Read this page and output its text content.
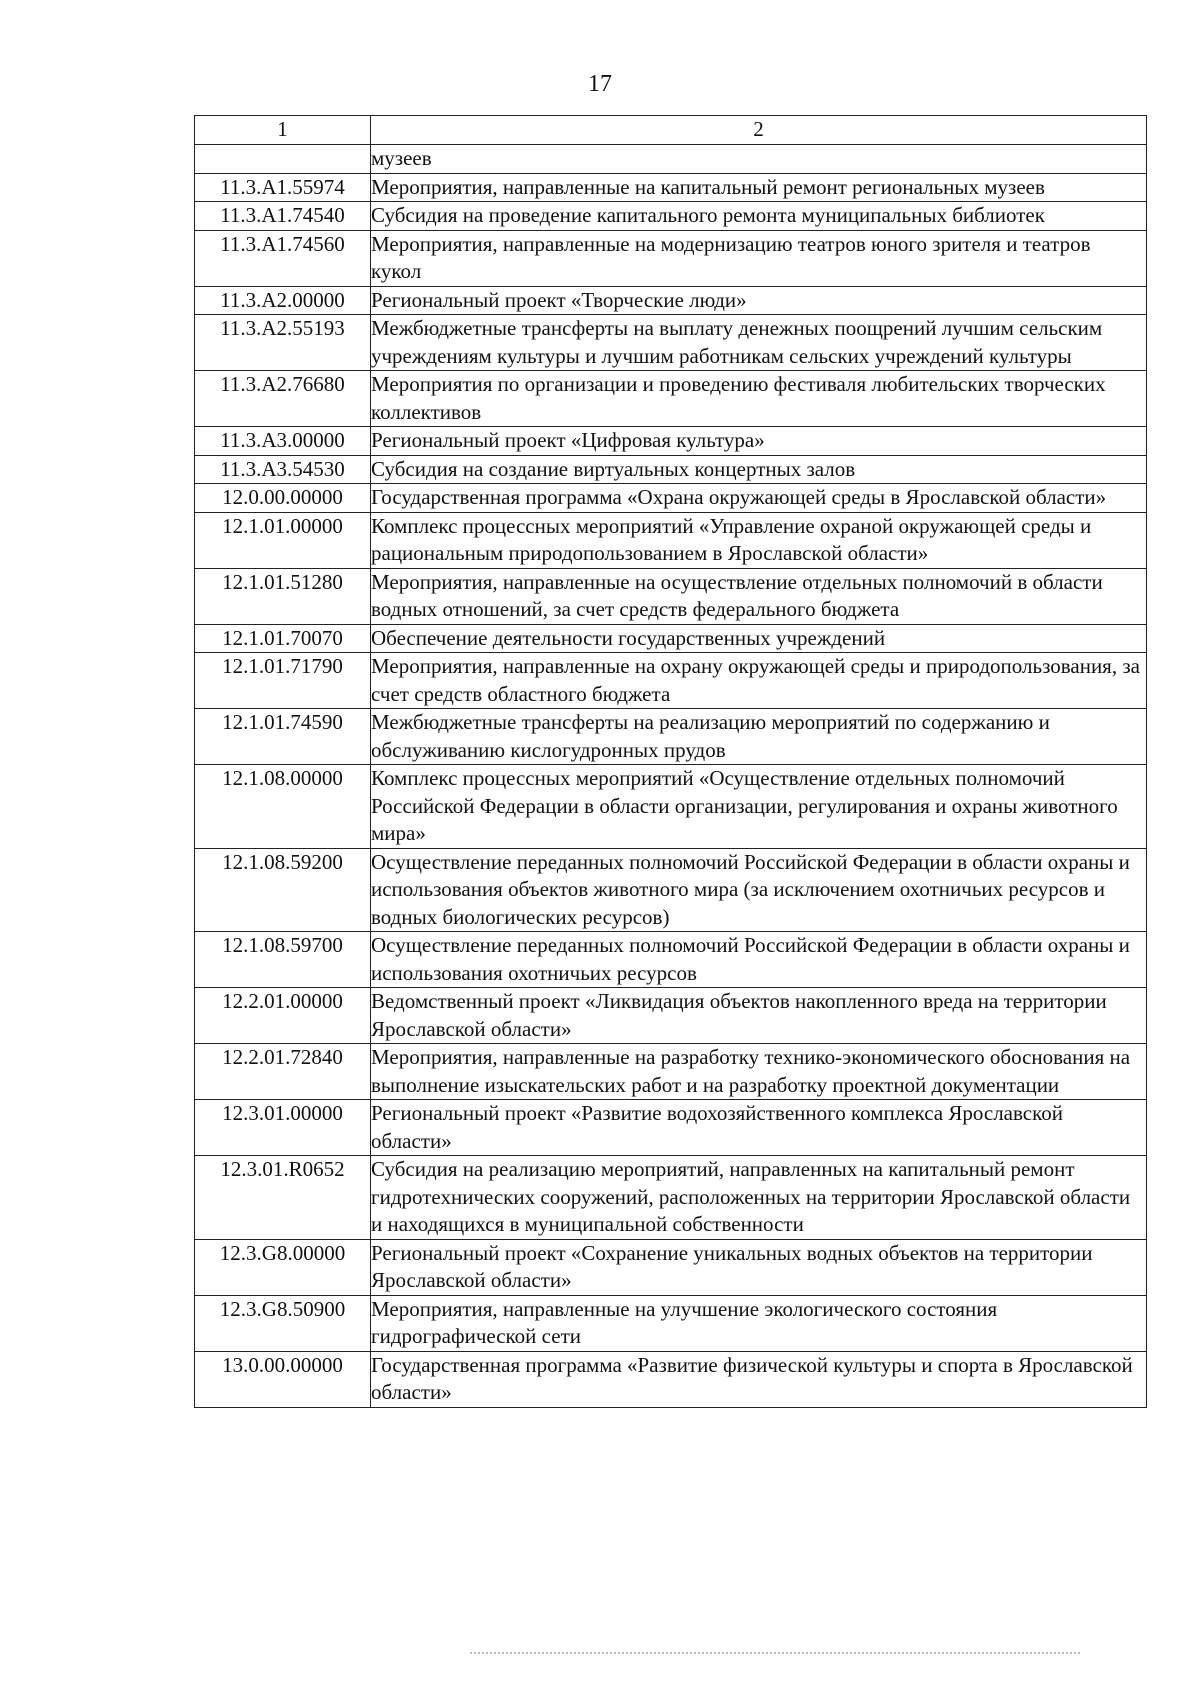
17
1	2
	музеев
11.3.A1.55974	Мероприятия, направленные на капитальный ремонт региональных музеев
11.3.A1.74540	Субсидия на проведение капитального ремонта муниципальных библиотек
11.3.A1.74560	Мероприятия, направленные на модернизацию театров юного зрителя и театров кукол
11.3.A2.00000	Региональный проект «Творческие люди»
11.3.A2.55193	Межбюджетные трансферты на выплату денежных поощрений лучшим сельским учреждениям культуры и лучшим работникам сельских учреждений культуры
11.3.A2.76680	Мероприятия по организации и проведению фестиваля любительских творческих коллективов
11.3.A3.00000	Региональный проект «Цифровая культура»
11.3.A3.54530	Субсидия на создание виртуальных концертных залов
12.0.00.00000	Государственная программа «Охрана окружающей среды в Ярославской области»
12.1.01.00000	Комплекс процессных мероприятий «Управление охраной окружающей среды и рациональным природопользованием в Ярославской области»
12.1.01.51280	Мероприятия, направленные на осуществление отдельных полномочий в области водных отношений, за счет средств федерального бюджета
12.1.01.70070	Обеспечение деятельности государственных учреждений
12.1.01.71790	Мероприятия, направленные на охрану окружающей среды и природопользования, за счет средств областного бюджета
12.1.01.74590	Межбюджетные трансферты на реализацию мероприятий по содержанию и обслуживанию кислогудронных прудов
12.1.08.00000	Комплекс процессных мероприятий «Осуществление отдельных полномочий Российской Федерации в области организации, регулирования и охраны животного мира»
12.1.08.59200	Осуществление переданных полномочий Российской Федерации в области охраны и использования объектов животного мира (за исключением охотничьих ресурсов и водных биологических ресурсов)
12.1.08.59700	Осуществление переданных полномочий Российской Федерации в области охраны и использования охотничьих ресурсов
12.2.01.00000	Ведомственный проект «Ликвидация объектов накопленного вреда на территории Ярославской области»
12.2.01.72840	Мероприятия, направленные на разработку технико-экономического обоснования на выполнение изыскательских работ и на разработку проектной документации
12.3.01.00000	Региональный проект «Развитие водохозяйственного комплекса Ярославской области»
12.3.01.R0652	Субсидия на реализацию мероприятий, направленных на капитальный ремонт гидротехнических сооружений, расположенных на территории Ярославской области и находящихся в муниципальной собственности
12.3.G8.00000	Региональный проект «Сохранение уникальных водных объектов на территории Ярославской области»
12.3.G8.50900	Мероприятия, направленные на улучшение экологического состояния гидрографической сети
13.0.00.00000	Государственная программа «Развитие физической культуры и спорта в Ярославской области»
